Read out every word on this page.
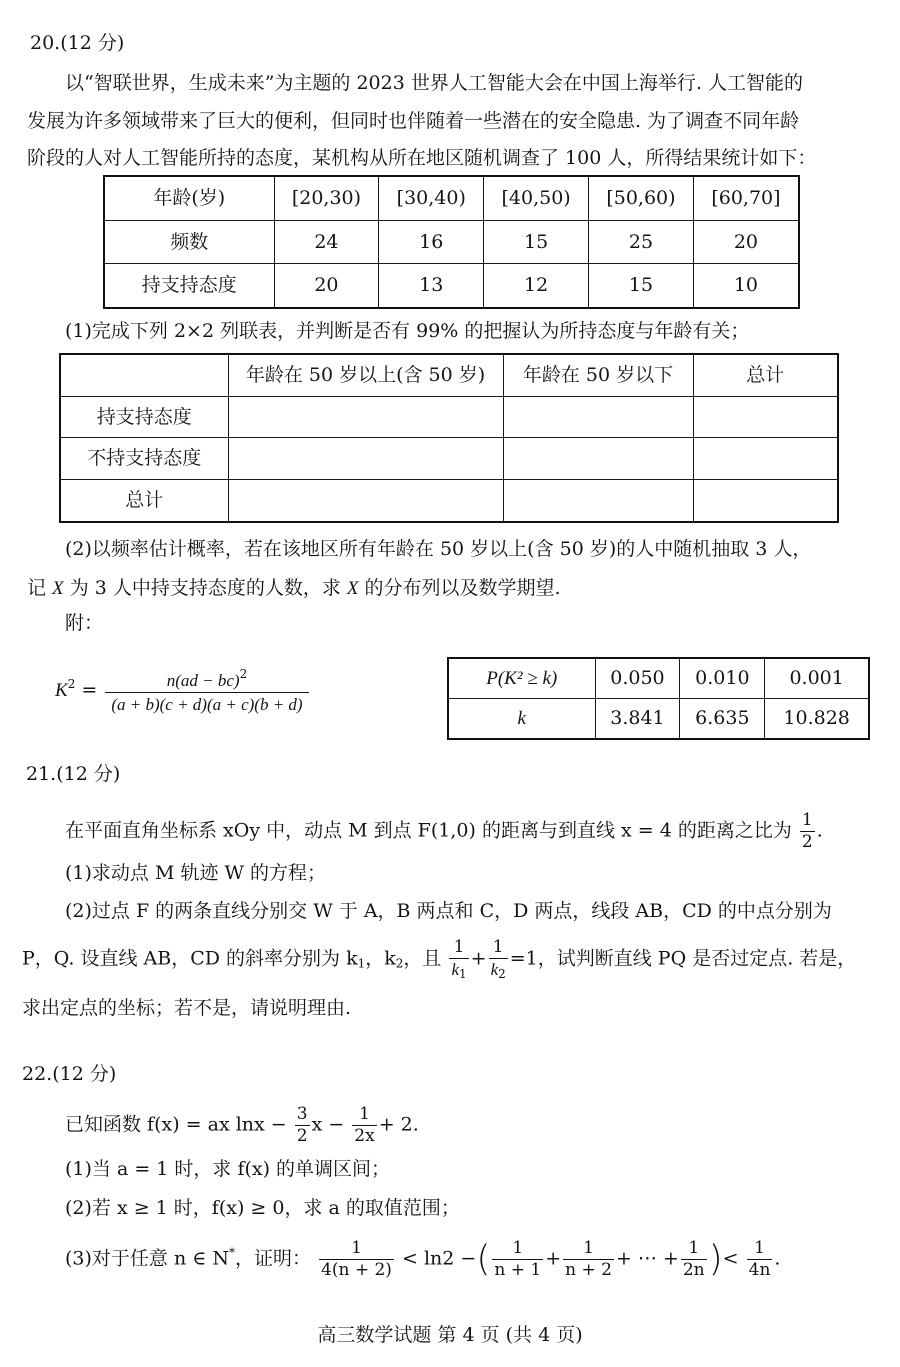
20.(12 分)
以“智联世界，生成未来”为主题的 2023 世界人工智能大会在中国上海举行. 人工智能的
发展为许多领域带来了巨大的便利，但同时也伴随着一些潜在的安全隐患. 为了调查不同年龄
阶段的人对人工智能所持的态度，某机构从所在地区随机调查了 100 人，所得结果统计如下：
年龄(岁)	[20,30)	[30,40)	[40,50)	[50,60)	[60,70]
频数	24	16	15	25	20
持支持态度	20	13	12	15	10
(1)完成下列 2×2 列联表，并判断是否有 99% 的把握认为所持态度与年龄有关；
	年龄在 50 岁以上(含 50 岁)	年龄在 50 岁以下	总计
持支持态度			
不持支持态度			
总计			
(2)以频率估计概率，若在该地区所有年龄在 50 岁以上(含 50 岁)的人中随机抽取 3 人，
记 X 为 3 人中持支持态度的人数，求 X 的分布列以及数学期望.
附：
$K^2 = \frac{n(ad - bc)^2}{(a + b)(c + d)(a + c)(b + d)}$	P(K² ≥ k)	0.050	0.010	0.001
k	3.841	6.635	10.828
21.(12 分)
在平面直角坐标系 xOy 中，动点 M 到点 F(1,0) 的距离与到直线 x = 4 的距离之比为 $\frac{1}{2}$ .
(1)求动点 M 轨迹 W 的方程；
(2)过点 F 的两条直线分别交 W 于 A，B 两点和 C，D 两点，线段 AB，CD 的中点分别为
P，Q. 设直线 AB，CD 的斜率分别为 $k_1$，$k_2$，且 $\frac{1}{k_1} + \frac{1}{k_2} =1$，试判断直线 PQ 是否过定点. 若是，
求出定点的坐标；若不是，请说明理由.
22.(12 分)
已知函数 f(x) = ax $\ln x - \frac{3}{2}$ $x - \frac{1}{2x} + 2$.
(1)当 a = 1 时，求 f(x) 的单调区间；
(2)若 x ≥ 1 时，f(x) ≥ 0，求 a 的取值范围；
(3)对于任意 n ∈ N*，证明： $\frac{1}{4(n + 2)} < \ln 2$ −( $\frac{1}{n + 1} + \frac{1}{n + 2}$ + ⋯ + $\frac{1}{2n}$ )< $\frac{1}{4n}$ .
高三数学试题 第 4 页 (共 4 页)
